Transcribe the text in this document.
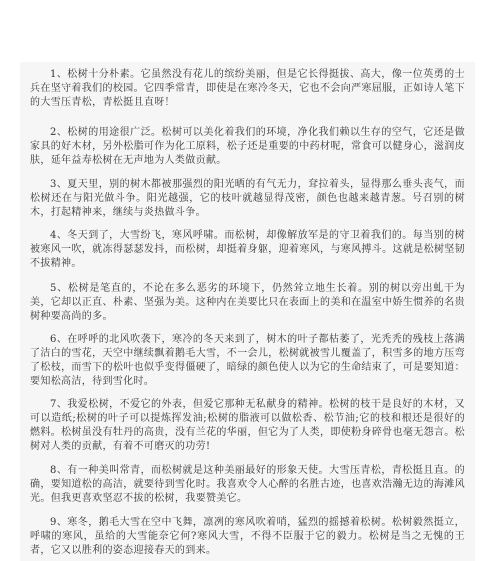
1、松树十分朴素。它虽然没有花儿的缤纷美丽，但是它长得挺拔、高大，像一位英勇的士兵在坚守着我们的校园。它四季常青，即使是在寒冷冬天，它也不会向严寒屈服，正如诗人笔下的大雪压青松，青松挺且直呀！
2、松树的用途很广泛。松树可以美化着我们的环境，净化我们赖以生存的空气，它还是做家具的好木材，另外松脂可作为化工原料，松子还是重要的中药材呢，常食可以健身心，滋润皮肤，延年益寿松树在无声地为人类做贡献。
3、夏天里，别的树木都被那强烈的阳光晒的有气无力，耷拉着头，显得那么垂头丧气，而松树还在与阳光做斗争。阳光越强，它的枝叶就越显得茂密，颜色也越来越青葱。号召别的树木，打起精神来，继续与炎热做斗争。
4、冬天到了，大雪纷飞，寒风呼啸。而松树，却像解放军是的守卫着我们的。每当别的树被寒风一吹，就冻得瑟瑟发抖，而松树，却挺着身躯，迎着寒风，与寒风搏斗。这就是松树坚韧不拔精神。
5、松树是笔直的，不论在多么恶劣的环境下，仍然耸立地生长着。别的树以旁出虬干为美，它却以正直、朴素、坚强为美。这种内在美要比只在表面上的美和在温室中娇生惯养的名贵树种要高尚的多。
6、在呼呼的北风吹袭下，寒冷的冬天来到了，树木的叶子都枯萎了，光秃秃的残枝上落满了洁白的雪花，天空中继续飘着鹅毛大雪，不一会儿，松树就被雪儿覆盖了，积雪多的地方压弯了松枝，而雪下的松叶也似乎变得僵硬了，暗绿的颜色使人以为它的生命结束了，可是要知道：要知松高洁，待到雪化时。
7、我爱松树，不爱它的外表，但爱它那种无私献身的精神。松树的枝干是良好的木材，又可以造纸;松树的叶子可以提炼挥发油;松树的脂液可以做松香、松节油;它的枝和根还是很好的燃料。松树虽没有牡丹的高贵，没有兰花的华丽，但它为了人类，即使粉身碎骨也毫无怨言。松树对人类的贡献，有着不可磨灭的功劳!
8、有一种美叫常青，而松树就是这种美丽最好的形象天使。大雪压青松，青松挺且直。的确，要知道松的高洁，就要待到雪化时。我喜欢令人心醉的名胜古迹，也喜欢浩瀚无边的海滩风光。但我更喜欢坚忍不拔的松树，我要赞美它。
9、寒冬，鹅毛大雪在空中飞舞，凛冽的寒风吹着哨，猛烈的摇撼着松树。松树毅然挺立，呼啸的寒风，虽给的大雪能奈它何?寒风大雪，不得不臣服于它的毅力。松树是当之无愧的王者，它又以胜利的姿态迎接春天的到来。
